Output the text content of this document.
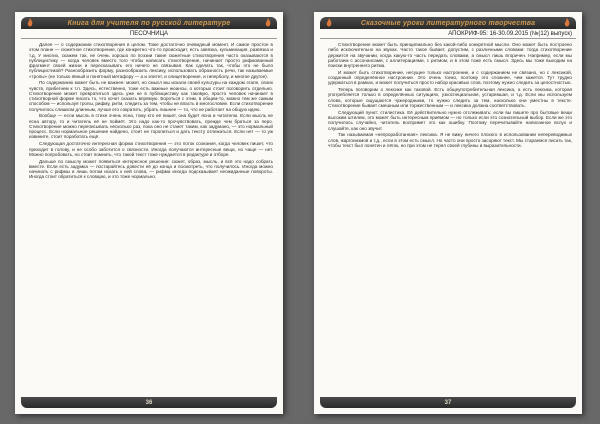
Книга для учителя по русской литературе
ПЕСОЧНИЦА

Далее — о содержании стихотворения в целом. Тоже достаточно очевидный момент. И самое простое в этом плане — сюжетное стихотворение, где конкретно что-то происходит, есть завязка, кульминация, развязка и т.д. У многих, скажем так, не очень хорошо по поэзии такие сюжетные стихотворения часто оказываются в публицистику — когда человек вместо того чтобы написать стихотворение, начинает просто рифмованный фрагмент своей жизни и пересказывать его ничего не связывая. Как сделать так, чтобы это не было публицистикой? Разнообразить форму, разнообразить лексику, использовать образность речи, так называемые «тропы» (не только явный и понятный метафору — а и эпитет, и олицетворение, и гиперболу, и многое другое).

По содержанию может быть не важнее: может, но смысл мы искали своей культуры на каждом этапе, своих чувств, прибегнем к т.п. Здесь, естественно, тоже есть важные нюансы, о которых стоит поговорить отдельно. Стихотворение может превратиться здесь уже не в публицистику как таковую, просто человек начинает в стихотворной форме писать то, что хочет сказать впрямую. Бороться с этим, в общем-то, можно тем же самым способом — используя тропы, рифму, ритм, следить за тем, чтобы не впасть в многословие. Если стихотворение получилось слишком длинным, лучше его сократить, убрать лишнее — то, что не работает на общую идею.

Вообще — если мысль в стихе очень ясна, тому кто её пишет, она будет ясна и читателю. Если мысль не ясна автору, то и читатель её не поймёт. Это надо как-то прочувствовать, прежде чем браться за перо. Стихотворение можно переписывать несколько раз, пока оно не станет таким, как задумано, — это нормальный процесс. Если нормальное решение найдено, стоит не торопиться и дать тексту отлежаться. Если нет — то уж извините, стоит поработать ещё.

Следующая достаточно интересная форма стихотворения — это поток сознания, когда человек пишет, что приходит в голову, и не особо заботится о связности. Иногда получаются интересные вещи, но чаще — нет. Можно попробовать, но стоит помнить, что такой текст тоже нуждается в редактуре и отборе.

Дальше по смыслу может появиться интересное решение: сюжет, образ, мысль, и всё это надо собрать вместе. Если есть задумка — постарайтесь довести её до конца и посмотреть, что получилось. Иногда можно начинать с рифмы и лишь потом искать к ней слова, — рифма иногда подсказывает неожиданные повороты. Иногда стоит обратиться к словарю, и это тоже нормально.

36
Сказочные уроки литературного творчества
АПОКРИФ-95: 16-30.09.2015 (№(12) выпуск)

Стихотворение может быть принципиально без какой-либо конкретной мысли. Оно может быть построено либо исключительно на звуках. Часто такое бывает, допустим, с различными словами: тогда стихотворение держится на звучании, когда какую-то часть передать словами, а смысл лишь вторичен. Например, если мы работаем с ассонансами, с аллитерациями, с ритмом, и в этом тоже есть смысл. Здесь мы тоже выходим на поиски внутреннего ритма.

И может быть стихотворение, несущее только настроение, и с содержанием не связано, но с лексикой, созданный определённое настроение. Это очень тонко, поэтому это сложнее, чем кажется. Тут трудно удержаться в рамках, и может получиться просто набор красивых слов, поэтому нужно следить за целостностью.

Теперь поговорим о лексике как таковой. Есть общеупотребительная лексика, а есть лексика, которая употребляется только в определённых ситуациях, узкоспециальная, устаревшая, и т.д. Если мы используем слова, которые ощущаются чужеродными, то нужно следить за тем, насколько они уместны в тексте. Стихотворение бывает смешным или торжественным — и лексика должна соответствовать.

Следующий пункт: стилистика. Её действительно нужно отслеживать: если вы пишете про бытовые вещи высоким штилем, это может быть интересным приёмом — но только если это сознательный выбор. Если же это получилось случайно, читатель воспримет это как ошибку. Поэтому перечитывайте написанное вслух и слушайте, как оно звучит.

Так называемая «непроработанная» лексика. Я не вижу ничего плохого в использовании непереводимых слов, жаргонизмов и т.д., если в этом есть смысл. Но часто они просто засоряют текст. Мы стараемся писать так, чтобы текст был понятен и лёгок, но при этом не терял своей глубины и выразительности.

37
